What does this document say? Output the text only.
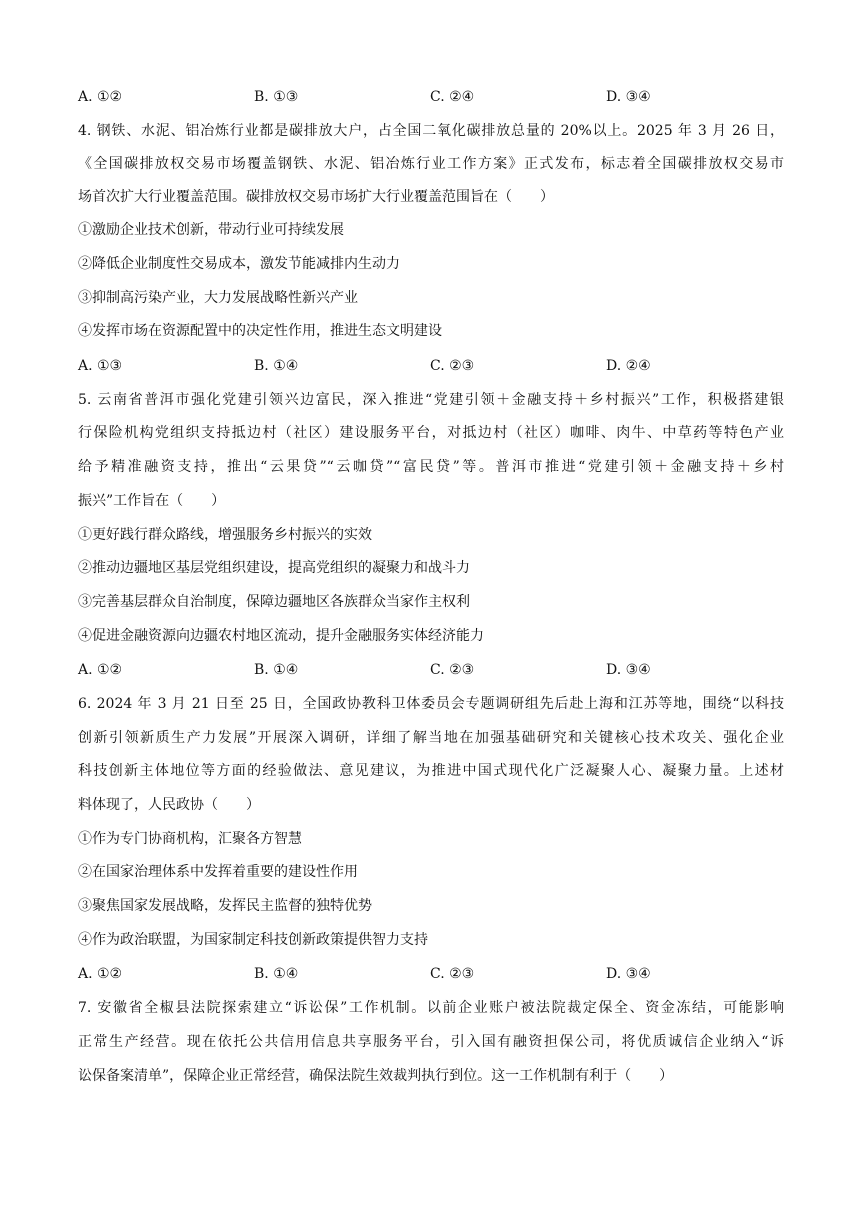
A. ①②	B. ①③	C. ②④	D. ③④
4. 钢铁、水泥、铝冶炼行业都是碳排放大户，占全国二氧化碳排放总量的 20%以上。2025 年 3 月 26 日，
《全国碳排放权交易市场覆盖钢铁、水泥、铝冶炼行业工作方案》正式发布，标志着全国碳排放权交易市
场首次扩大行业覆盖范围。碳排放权交易市场扩大行业覆盖范围旨在（　　）
①激励企业技术创新，带动行业可持续发展
②降低企业制度性交易成本，激发节能减排内生动力
③抑制高污染产业，大力发展战略性新兴产业
④发挥市场在资源配置中的决定性作用，推进生态文明建设
A. ①③	B. ①④	C. ②③	D. ②④
5. 云南省普洱市强化党建引领兴边富民，深入推进“党建引领＋金融支持＋乡村振兴”工作，积极搭建银
行保险机构党组织支持抵边村（社区）建设服务平台，对抵边村（社区）咖啡、肉牛、中草药等特色产业
给予精准融资支持，推出“云果贷”“云咖贷”“富民贷”等。普洱市推进“党建引领＋金融支持＋乡村
振兴”工作旨在（　　）
①更好践行群众路线，增强服务乡村振兴的实效
②推动边疆地区基层党组织建设，提高党组织的凝聚力和战斗力
③完善基层群众自治制度，保障边疆地区各族群众当家作主权利
④促进金融资源向边疆农村地区流动，提升金融服务实体经济能力
A. ①②	B. ①④	C. ②③	D. ③④
6. 2024 年 3 月 21 日至 25 日，全国政协教科卫体委员会专题调研组先后赴上海和江苏等地，围绕“以科技
创新引领新质生产力发展”开展深入调研，详细了解当地在加强基础研究和关键核心技术攻关、强化企业
科技创新主体地位等方面的经验做法、意见建议，为推进中国式现代化广泛凝聚人心、凝聚力量。上述材
料体现了，人民政协（　　）
①作为专门协商机构，汇聚各方智慧
②在国家治理体系中发挥着重要的建设性作用
③聚焦国家发展战略，发挥民主监督的独特优势
④作为政治联盟，为国家制定科技创新政策提供智力支持
A. ①②	B. ①④	C. ②③	D. ③④
7. 安徽省全椒县法院探索建立“诉讼保”工作机制。以前企业账户被法院裁定保全、资金冻结，可能影响
正常生产经营。现在依托公共信用信息共享服务平台，引入国有融资担保公司，将优质诚信企业纳入“诉
讼保备案清单”，保障企业正常经营，确保法院生效裁判执行到位。这一工作机制有利于（　　）
